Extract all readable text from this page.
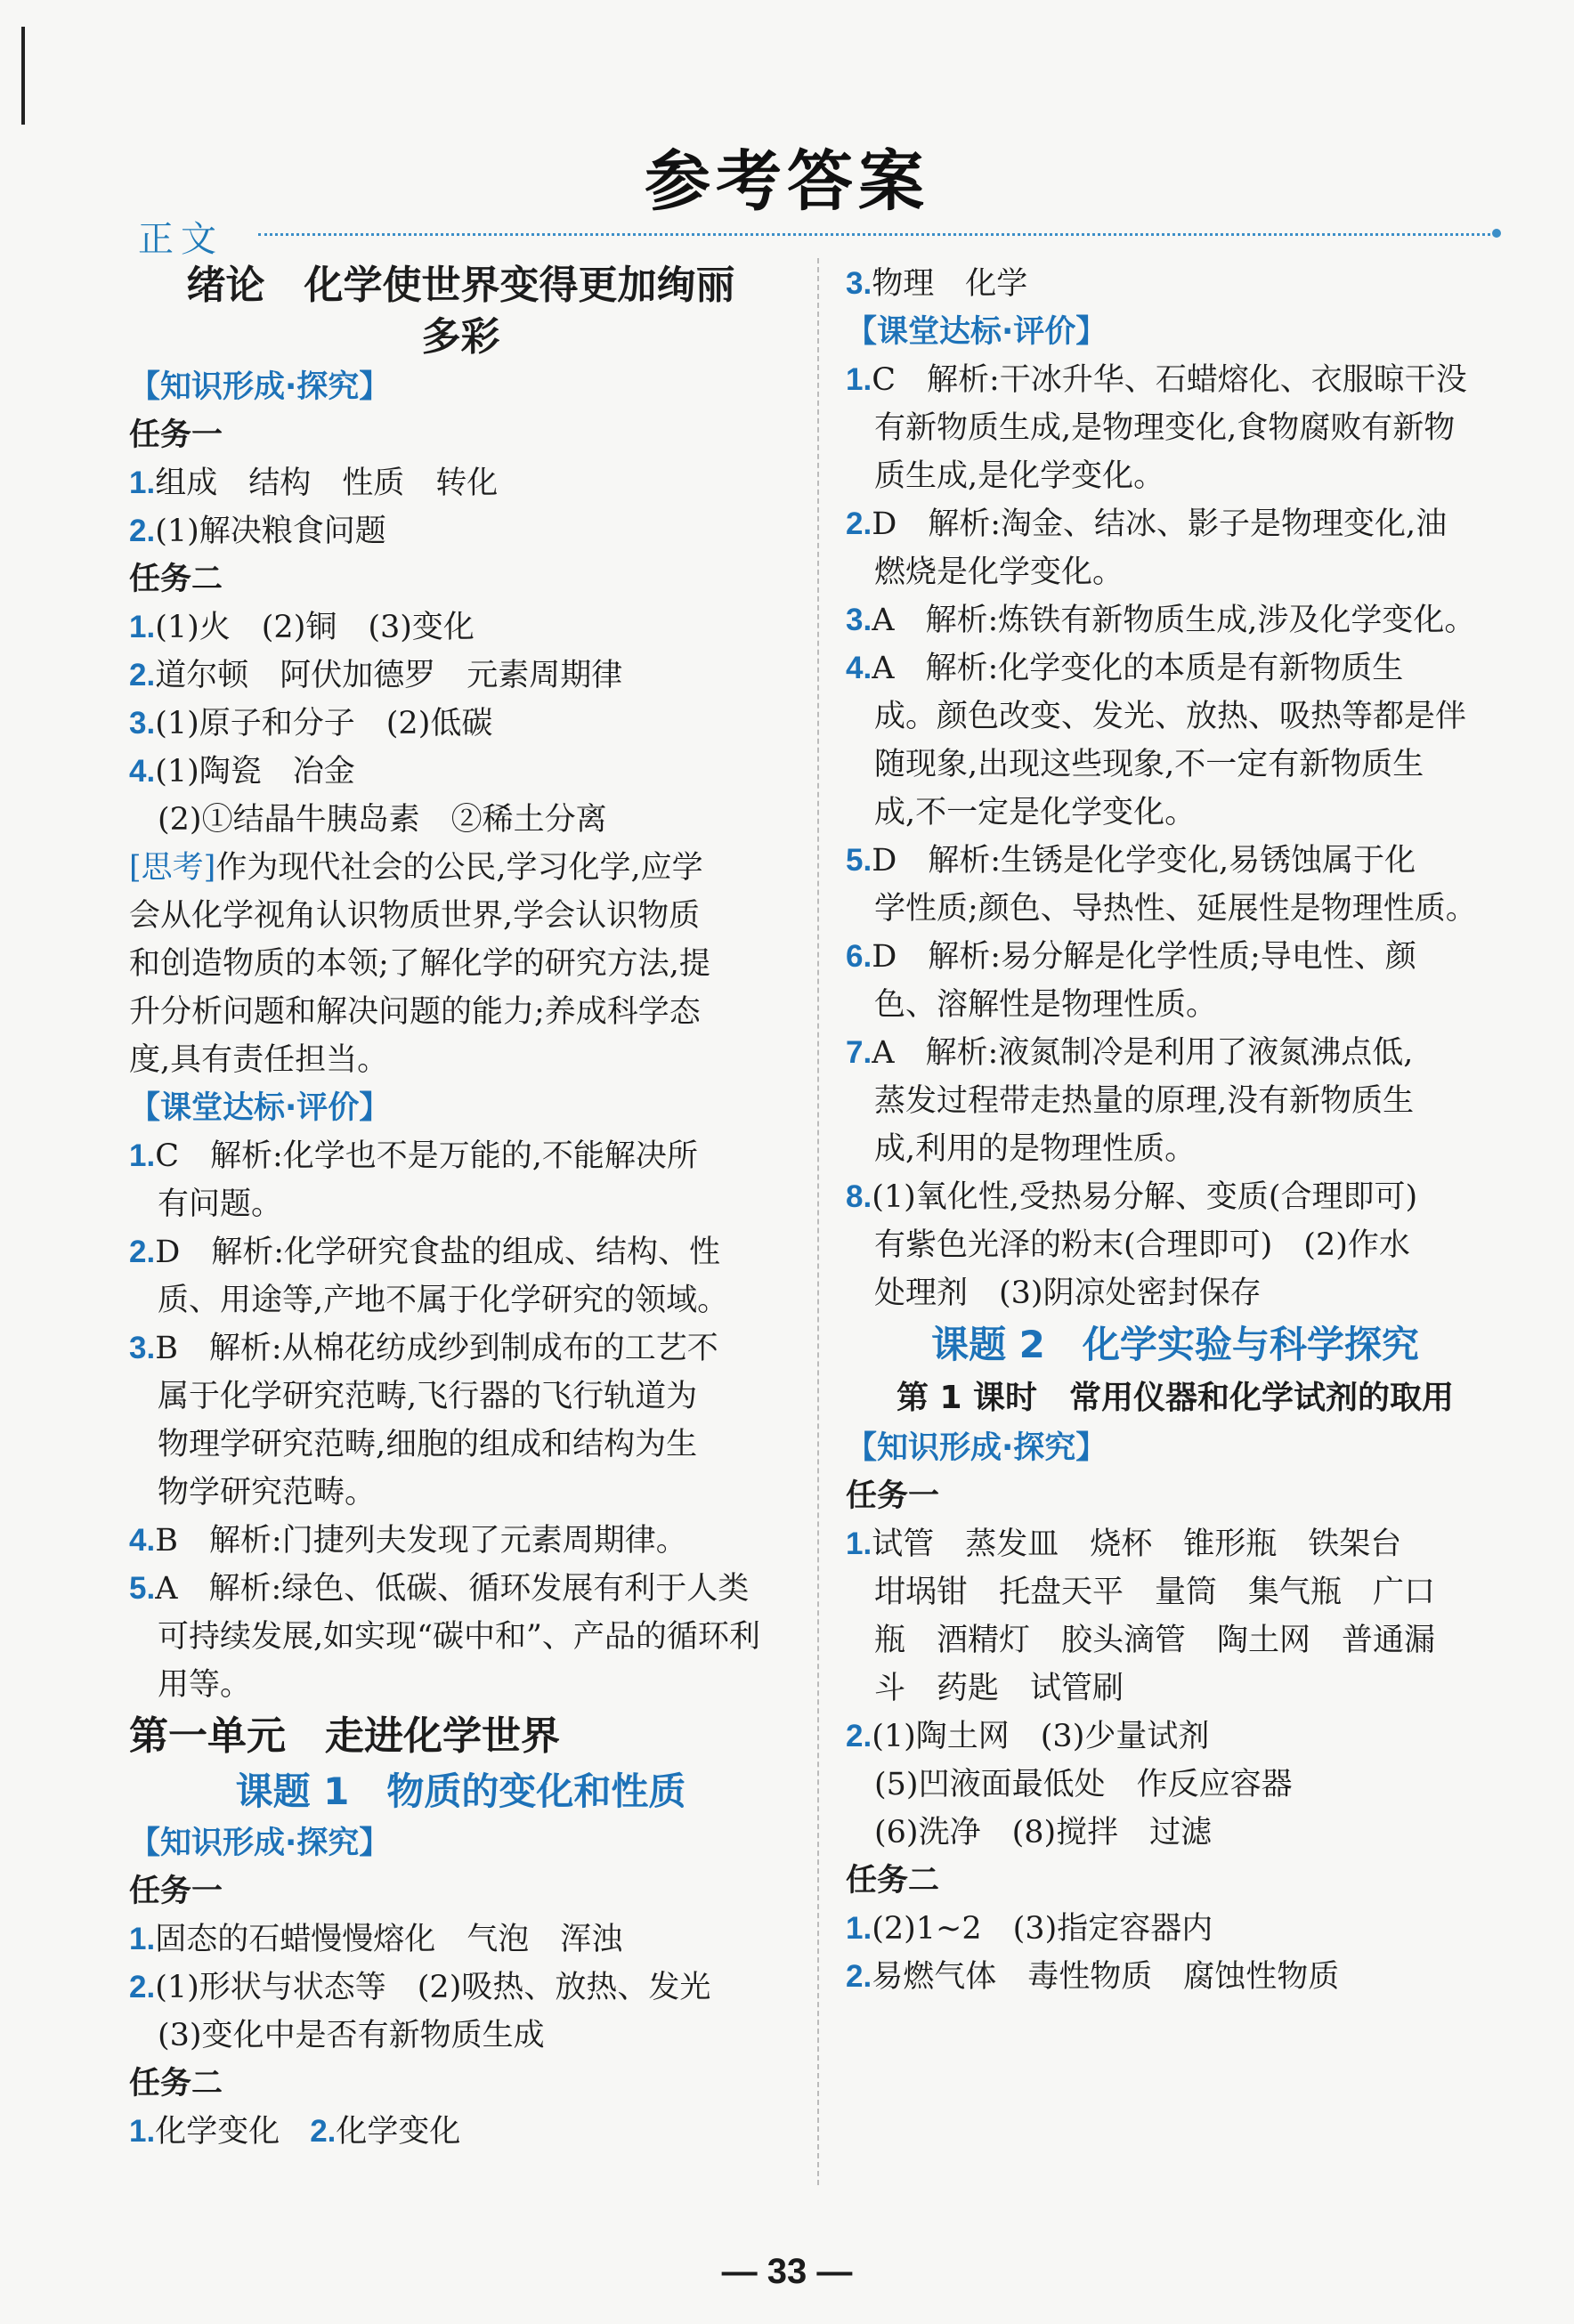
参考答案
正文
绪论　化学使世界变得更加绚丽
多彩
【知识形成·探究】
任务一
1.组成　结构　性质　转化
2.(1)解决粮食问题
任务二
1.(1)火　(2)铜　(3)变化
2.道尔顿　阿伏加德罗　元素周期律
3.(1)原子和分子　(2)低碳
4.(1)陶瓷　冶金
(2)①结晶牛胰岛素　②稀土分离
[思考]作为现代社会的公民,学习化学,应学
会从化学视角认识物质世界,学会认识物质
和创造物质的本领;了解化学的研究方法,提
升分析问题和解决问题的能力;养成科学态
度,具有责任担当。
【课堂达标·评价】
1.C　解析:化学也不是万能的,不能解决所
有问题。
2.D　解析:化学研究食盐的组成、结构、性
质、用途等,产地不属于化学研究的领域。
3.B　解析:从棉花纺成纱到制成布的工艺不
属于化学研究范畴,飞行器的飞行轨道为
物理学研究范畴,细胞的组成和结构为生
物学研究范畴。
4.B　解析:门捷列夫发现了元素周期律。
5.A　解析:绿色、低碳、循环发展有利于人类
可持续发展,如实现“碳中和”、产品的循环利
用等。
第一单元　走进化学世界
课题 1　物质的变化和性质
【知识形成·探究】
任务一
1.固态的石蜡慢慢熔化　气泡　浑浊
2.(1)形状与状态等　(2)吸热、放热、发光
(3)变化中是否有新物质生成
任务二
1.化学变化 2.化学变化
3.物理　化学
【课堂达标·评价】
1.C　解析:干冰升华、石蜡熔化、衣服晾干没
有新物质生成,是物理变化,食物腐败有新物
质生成,是化学变化。
2.D　解析:淘金、结冰、影子是物理变化,油
燃烧是化学变化。
3.A　解析:炼铁有新物质生成,涉及化学变化。
4.A　解析:化学变化的本质是有新物质生
成。颜色改变、发光、放热、吸热等都是伴
随现象,出现这些现象,不一定有新物质生
成,不一定是化学变化。
5.D　解析:生锈是化学变化,易锈蚀属于化
学性质;颜色、导热性、延展性是物理性质。
6.D　解析:易分解是化学性质;导电性、颜
色、溶解性是物理性质。
7.A　解析:液氮制冷是利用了液氮沸点低,
蒸发过程带走热量的原理,没有新物质生
成,利用的是物理性质。
8.(1)氧化性,受热易分解、变质(合理即可)
有紫色光泽的粉末(合理即可)　(2)作水
处理剂　(3)阴凉处密封保存
课题 2　化学实验与科学探究
第 1 课时　常用仪器和化学试剂的取用
【知识形成·探究】
任务一
1.试管　蒸发皿　烧杯　锥形瓶　铁架台
坩埚钳　托盘天平　量筒　集气瓶　广口
瓶　酒精灯　胶头滴管　陶土网　普通漏
斗　药匙　试管刷
2.(1)陶土网　(3)少量试剂
(5)凹液面最低处　作反应容器
(6)洗净　(8)搅拌　过滤
任务二
1.(2)1~2　(3)指定容器内
2.易燃气体　毒性物质　腐蚀性物质
— 33 —
